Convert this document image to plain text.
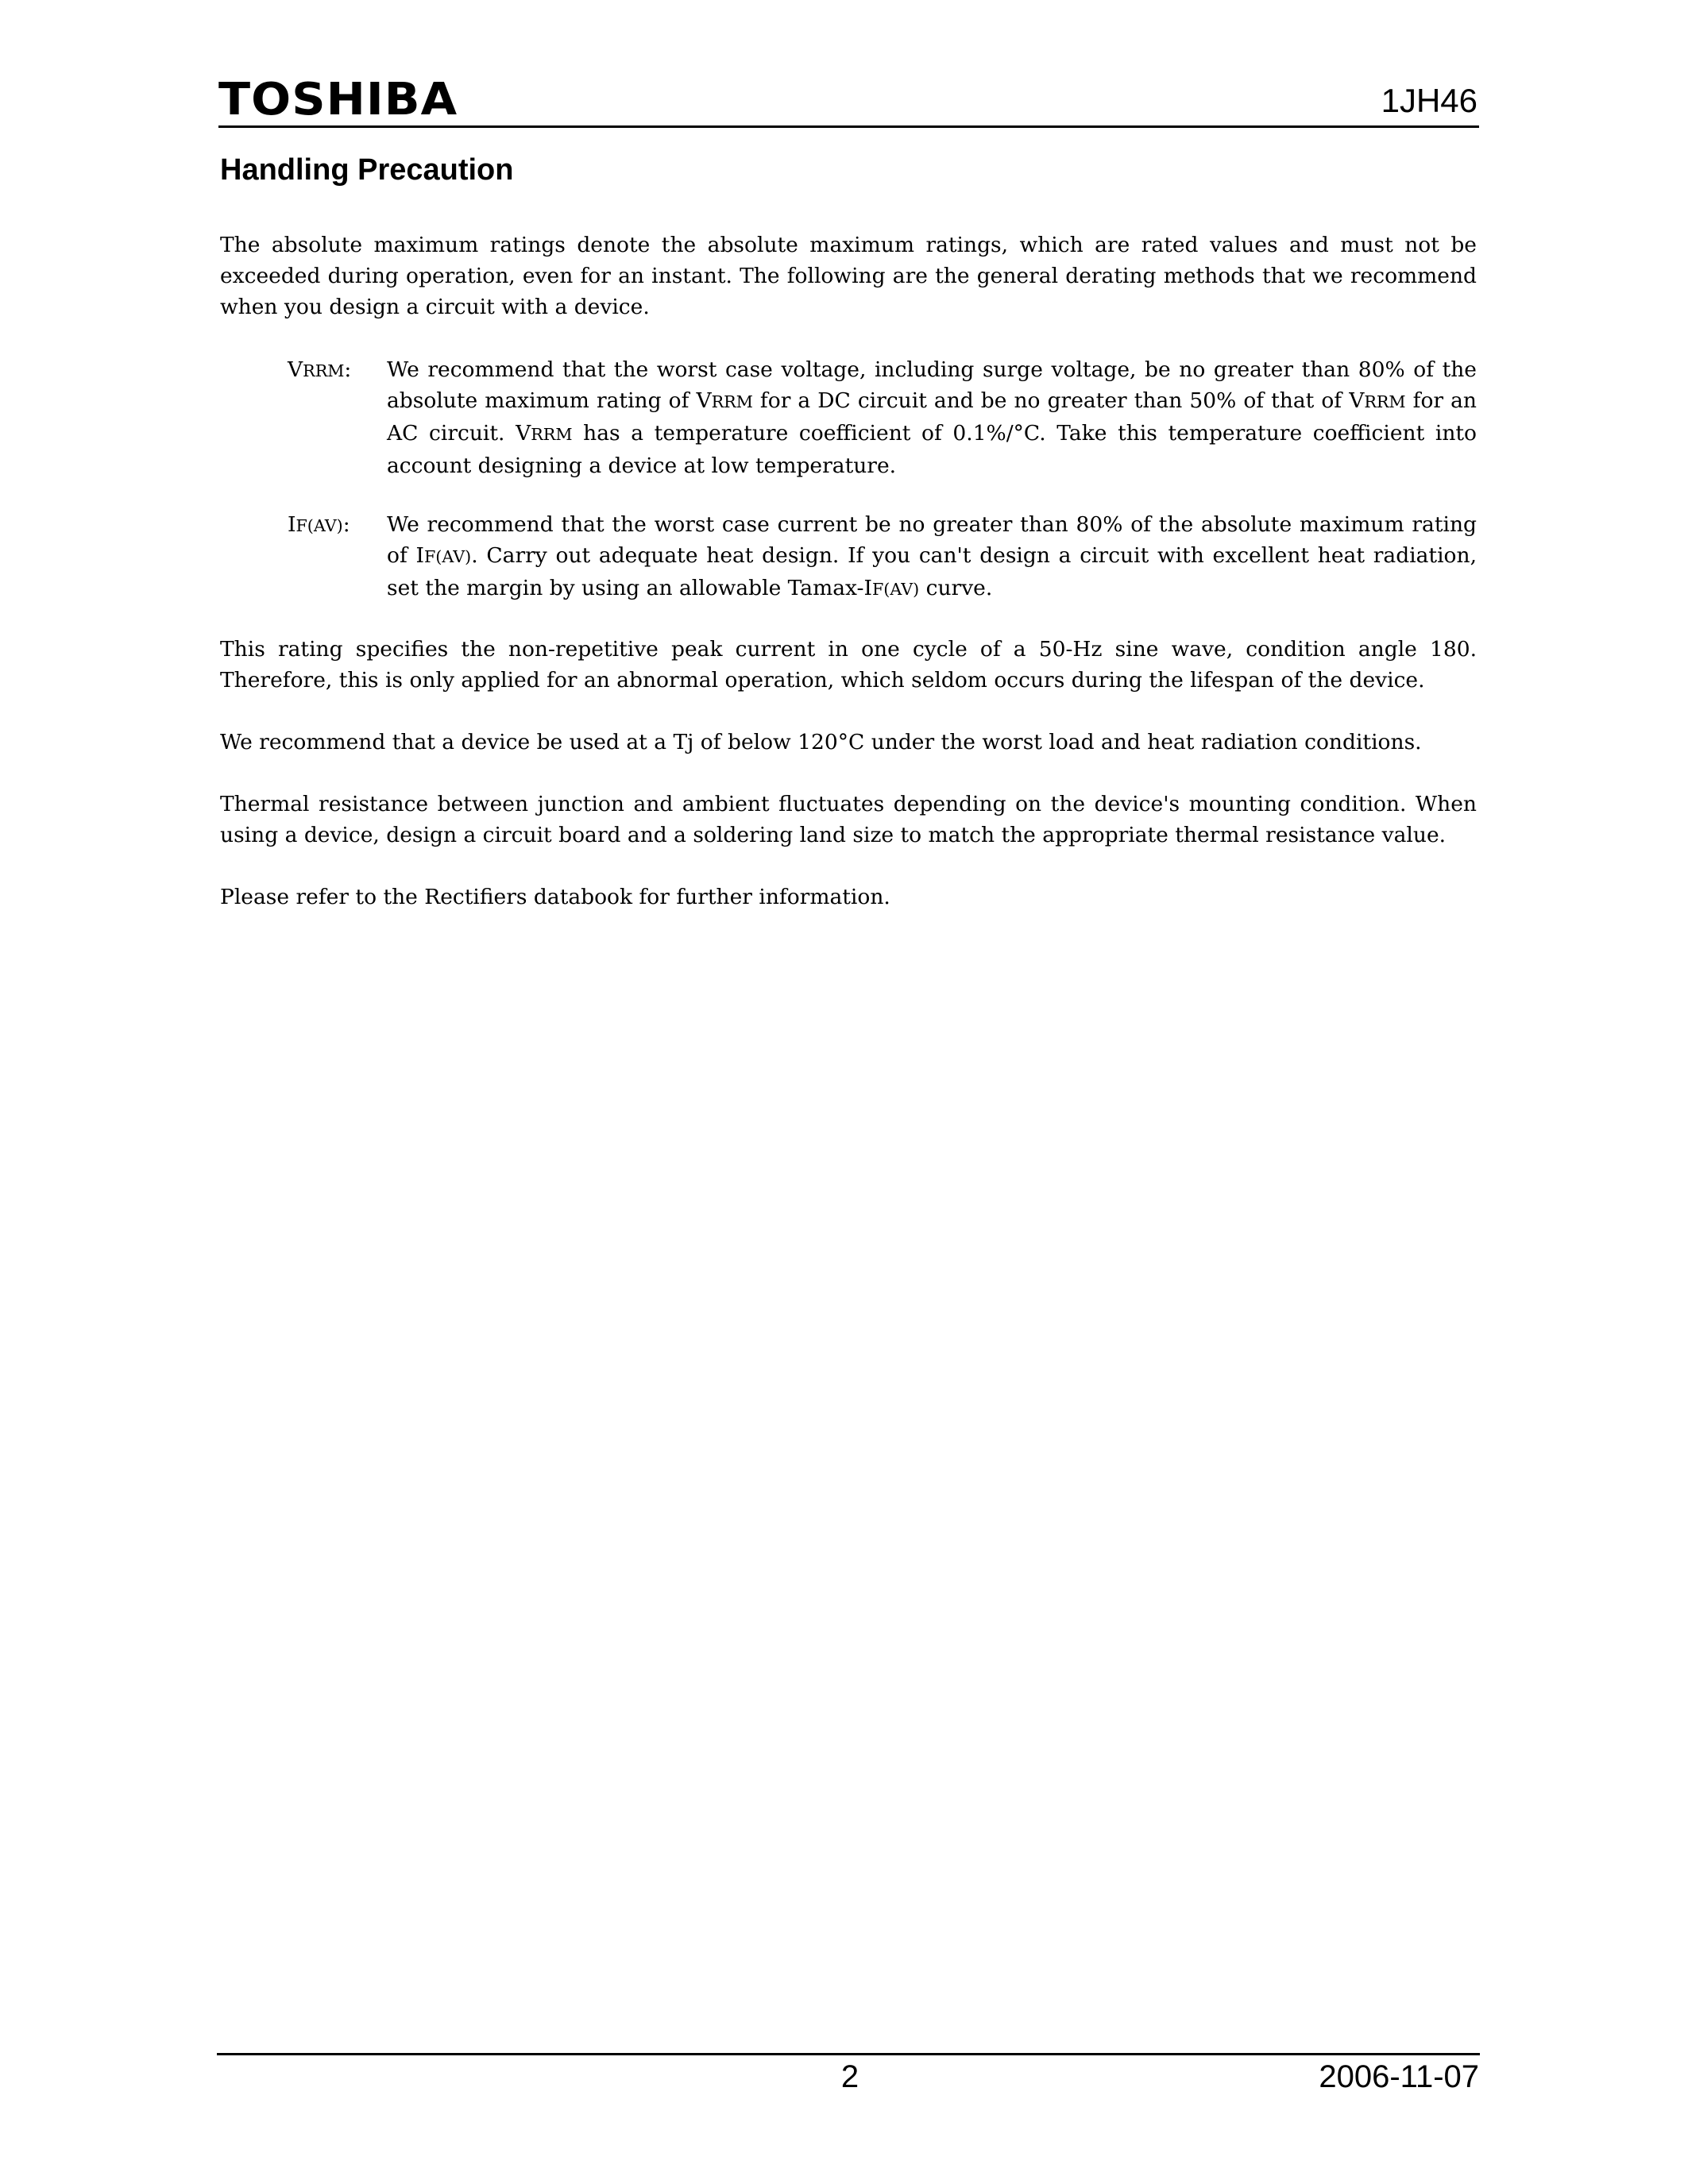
TOSHIBA	1JH46
Handling Precaution

The absolute maximum ratings denote the absolute maximum ratings, which are rated values and must not be exceeded during operation, even for an instant. The following are the general derating methods that we recommend when you design a circuit with a device.

VRRM:	We recommend that the worst case voltage, including surge voltage, be no greater than 80% of the absolute maximum rating of VRRM for a DC circuit and be no greater than 50% of that of VRRM for an AC circuit. VRRM has a temperature coefficient of 0.1%/°C. Take this temperature coefficient into account designing a device at low temperature.

IF(AV):	We recommend that the worst case current be no greater than 80% of the absolute maximum rating of IF(AV). Carry out adequate heat design. If you can't design a circuit with excellent heat radiation, set the margin by using an allowable Tamax-IF(AV) curve.

This rating specifies the non-repetitive peak current in one cycle of a 50-Hz sine wave, condition angle 180. Therefore, this is only applied for an abnormal operation, which seldom occurs during the lifespan of the device.

We recommend that a device be used at a Tj of below 120°C under the worst load and heat radiation conditions.

Thermal resistance between junction and ambient fluctuates depending on the device's mounting condition. When using a device, design a circuit board and a soldering land size to match the appropriate thermal resistance value.

Please refer to the Rectifiers databook for further information.

2	2006-11-07
